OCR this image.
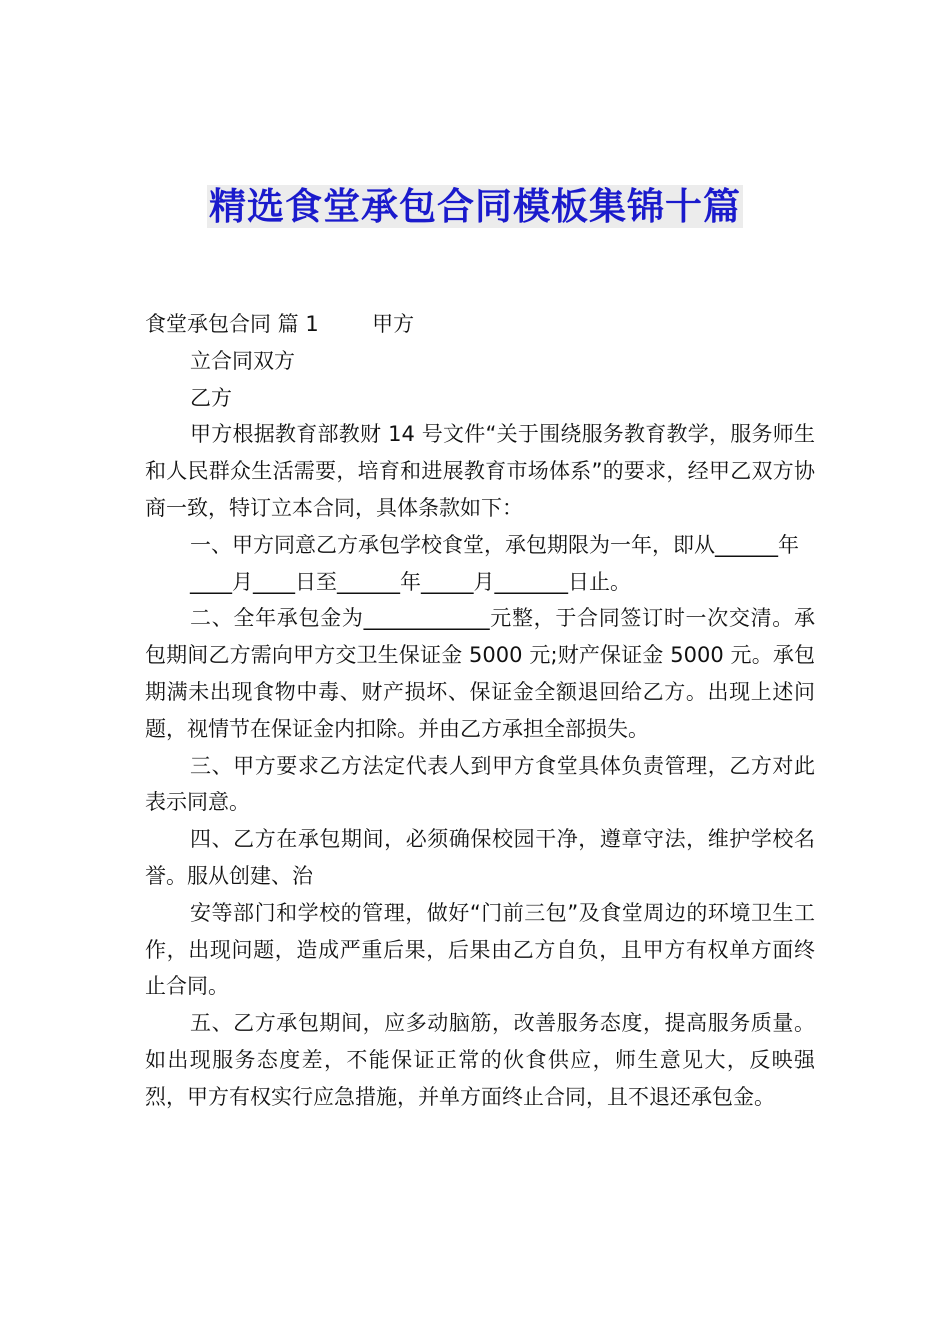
精选食堂承包合同模板集锦十篇

食堂承包合同 篇 1        甲方

立合同双方

乙方

甲方根据教育部教财 14 号文件“关于围绕服务教育教学，服务师生和人民群众生活需要，培育和进展教育市场体系”的要求，经甲乙双方协商一致，特订立本合同，具体条款如下：

一、甲方同意乙方承包学校食堂，承包期限为一年，即从______年

____月____日至______年_____月_______日止。

二、全年承包金为____________元整，于合同签订时一次交清。承包期间乙方需向甲方交卫生保证金 5000 元;财产保证金 5000 元。承包期满未出现食物中毒、财产损坏、保证金全额退回给乙方。出现上述问题，视情节在保证金内扣除。并由乙方承担全部损失。

三、甲方要求乙方法定代表人到甲方食堂具体负责管理，乙方对此表示同意。

四、乙方在承包期间，必须确保校园干净，遵章守法，维护学校名誉。服从创建、治

安等部门和学校的管理，做好“门前三包”及食堂周边的环境卫生工作，出现问题，造成严重后果，后果由乙方自负，且甲方有权单方面终止合同。

五、乙方承包期间，应多动脑筋，改善服务态度，提高服务质量。如出现服务态度差，不能保证正常的伙食供应，师生意见大，反映强烈，甲方有权实行应急措施，并单方面终止合同，且不退还承包金。
